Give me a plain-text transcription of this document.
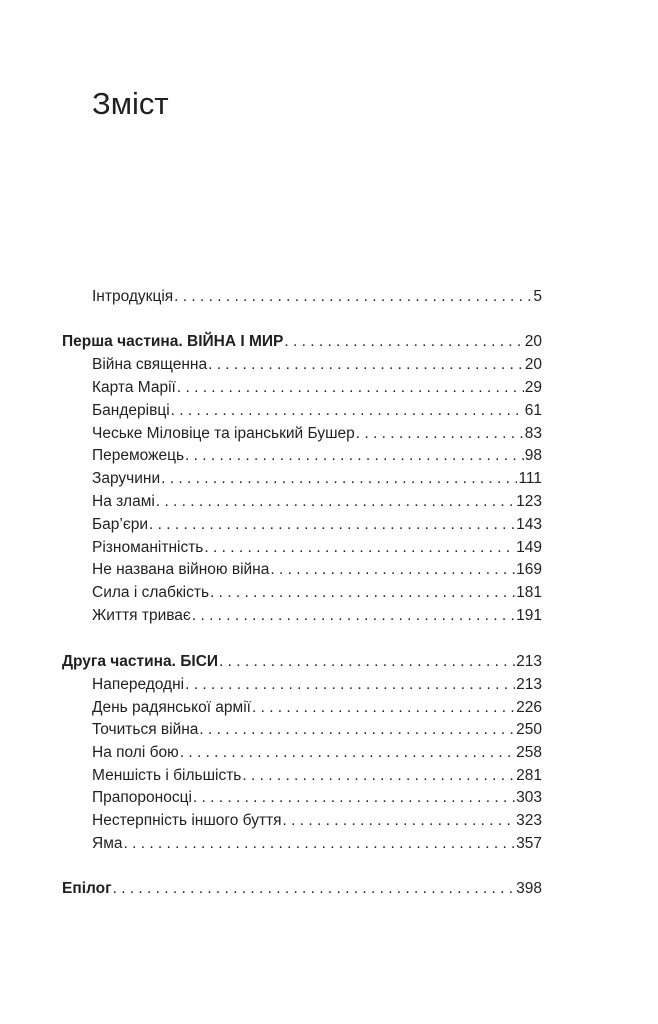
Зміст
Інтродукція . . .	5
Перша частина. ВІЙНА І МИР . . .	20
Війна священна . . .	20
Карта Марії . . .	29
Бандерівці . . .	61
Чеське Міловіце та іранський Бушер . . .	83
Переможець . . .	98
Заручини . . .	111
На зламі . . .	123
Бар’єри . . .	143
Різноманітність . . .	149
Не названа війною війна . . .	169
Сила і слабкість . . .	181
Життя триває . . .	191
Друга частина. БІСИ . . .	213
Напередодні . . .	213
День радянської армії . . .	226
Точиться війна . . .	250
На полі бою . . .	258
Меншість і більшість . . .	281
Прапороносці . . .	303
Нестерпність іншого буття . . .	323
Яма . . .	357
Епілог . . .	398
